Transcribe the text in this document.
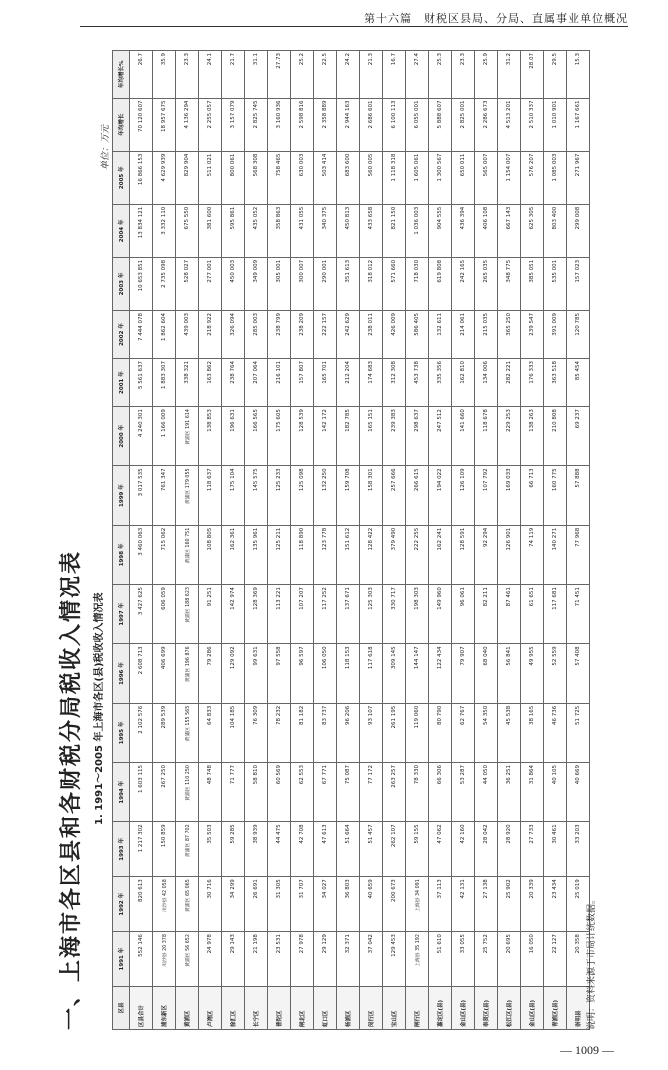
第十六篇　财税区县局、分局、直属事业单位概况
一、上海市各区县和各财税分局税收入情况表	1. 1991～2005 年上海市各区(县)税收收入情况表
单位：万元
区县	1991 年	1992 年	1993 年	1994 年	1995 年	1996 年	1997 年	1998 年	1999 年	2000 年	2001 年	2002 年	2003 年	2004 年	2005 年	年均增长	年均增长%
区县合计	552 146	820 613	1 217 302	1 603 115	2 102 576	2 608 713	3 427 625	3 460 063	3 017 535	4 240 301	5 561 637	7 444 078	10 653 851	13 834 121	16 866 153	70 120 607	26.7
浦东新区	川沙县 20 378	川沙县 42 058	150 859	267 250	289 539	406 699	606 059	715 062	761 347	1 166 009	1 883 307	1 862 604	2 735 098	3 332 110	4 629 939	18 957 675	35.9
黄浦区	黄浦区 56 652	黄浦区 65 065	黄浦区 87 702	黄浦区 110 250	黄浦区 155 565	黄浦区 196 876	黄浦区 188 623	黄浦区 160 751	黄浦区 179 055	黄浦区 191 614	338 321	439 003	528 027	675 550	829 904	4 136 294	23.3
卢湾区	24 978	30 716	35 503	48 748	64 833	79 286	91 251	108 805	118 637	138 853	163 862	218 922	277 001	381 600	511 021	2 255 057	24.1
徐汇区	29 143	34 299	59 285	71 777	104 185	129 092	142 974	162 361	175 104	196 631	238 764	326 094	450 003	595 861	800 061	3 157 079	21.7
长宁区	21 198	26 691	38 939	58 810	76 309	99 631	128 369	135 961	145 575	166 565	207 064	285 003	349 009	435 052	568 308	2 825 745	31.1
普陀区	23 531	31 305	44 475	60 569	78 232	97 558	113 221	125 211	125 233	175 605	216 101	238 799	305 001	358 863	758 465	3 160 936	27.73
闸北区	27 978	31 707	42 708	62 553	81 182	96 597	107 207	118 890	125 098	128 539	157 807	238 209	300 007	431 055	630 003	2 598 816	25.2
虹口区	29 129	34 027	47 613	67 771	83 737	106 050	117 252	123 778	132 250	142 172	165 701	222 157	290 001	340 375	503 414	2 358 889	22.5
杨浦区	32 371	36 803	51 664	75 087	96 206	118 153	137 671	151 612	159 708	182 785	212 204	242 629	351 613	450 813	683 600	2 944 163	24.2
闵行区	37 042	40 659	51 457	77 172	93 107	117 618	125 303	128 422	158 301	165 151	174 683	238 011	318 012	433 658	560 005	2 686 601	21.3
宝山区	129 453	200 673	262 107	263 257	261 195	309 145	330 717	379 490	257 666	239 383	312 308	426 009	571 660	821 150	1 118 318	6 100 113	16.7
闸行区	上海县 35 192	上海县 34 091	59 155	78 330	119 060	144 147	198 303	222 255	266 615	298 637	453 738	586 405	718 030	1 036 003	1 605 061	6 055 001	27.4
嘉定区(县)	51 610	37 113	47 062	66 306	80 790	122 434	149 960	162 241	194 022	247 512	335 356	132 611	619 808	904 555	1 300 567	5 888 607	25.3
金山区(县)	33 055	42 131	42 160	53 287	62 767	79 907	96 061	128 591	126 109	141 660	162 810	214 061	242 165	436 394	650 011	2 825 001	23.3
奉贤区(县)	25 752	27 138	28 042	44 050	54 350	68 040	82 211	92 294	107 792	118 678	134 006	215 035	265 035	406 108	565 007	2 286 673	25.9
松江区(县)	20 695	25 902	28 920	36 251	45 538	56 841	87 461	126 901	169 033	229 253	282 221	365 250	348 775	667 143	1 154 007	4 513 201	31.2
金山区(县)	16 050	20 339	27 733	31 864	38 165	49 955	61 651	74 119	66 713	138 263	176 333	239 547	385 051	625 305	576 207	2 510 337	28.07
青浦区(县)	22 127	23 434	30 461	40 105	46 736	52 559	117 681	140 271	160 775	210 808	363 518	391 009	535 001	803 400	1 085 003	1 010 901	29.5
崇明县	20 358	25 019	33 203	40 669	51 725	57 408	71 451	77 968	57 888	69 237	85 454	120 785	157 023	299 008	271 967	1 167 661	15.3
说明：资料来源于市局计统数据。
— 1009 —
